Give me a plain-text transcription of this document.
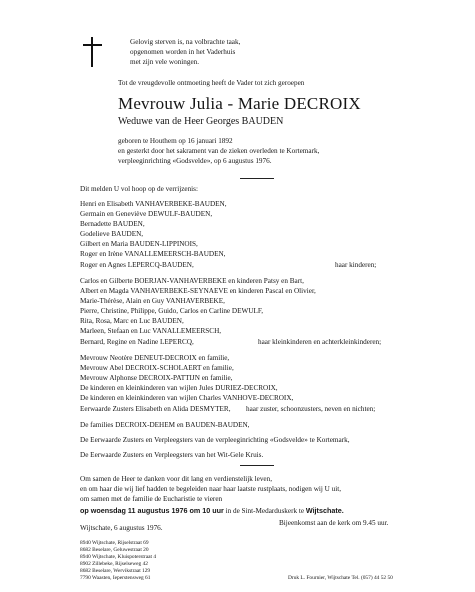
Gelovig sterven is, na volbrachte taak,
opgenomen worden in het Vaderhuis
met zijn vele woningen.
Tot de vreugdevolle ontmoeting heeft de Vader tot zich geroepen
Mevrouw Julia - Marie DECROIX
Weduwe van de Heer Georges BAUDEN
geboren te Houthem op 16 januari 1892
en gesterkt door het sakrament van de zieken overleden te Kortemark,
verpleeginrichting «Godsvelde», op 6 augustus 1976.
Dit melden U vol hoop op de verrijzenis:
Henri en Elisabeth VANHAVERBEKE-BAUDEN,
Germain en Geneviève DEWULF-BAUDEN,
Bernadette BAUDEN,
Godelieve BAUDEN,
Gilbert en Maria BAUDEN-LIPPINOIS,
Roger en Irène VANALLEMEERSCH-BAUDEN,
Roger en Agnes LEPERCQ-BAUDEN,	haar kinderen;
Carlos en Gilberte BOERJAN-VANHAVERBEKE en kinderen Patsy en Bart,
Albert en Magda VANHAVERBEKE-SEYNAEVE en kinderen Pascal en Olivier,
Marie-Thérèse, Alain en Guy VANHAVERBEKE,
Pierre, Christine, Philippe, Guido, Carlos en Carline DEWULF,
Rita, Rosa, Marc en Luc BAUDEN,
Marleen, Stefaan en Luc VANALLEMEERSCH,
Bernard, Regine en Nadine LEPERCQ,	haar kleinkinderen en achterkleinkinderen;
Mevrouw Neotère DENEUT-DECROIX en familie,
Mevrouw Abel DECROIX-SCHOLAERT en familie,
Mevrouw Alphonse DECROIX-PATTIJN en familie,
De kinderen en kleinkinderen van wijlen Jules DURIEZ-DECROIX,
De kinderen en kleinkinderen van wijlen Charles VANHOVE-DECROIX,
Eerwaarde Zusters Elisabeth en Alida DESMYTER, haar zuster, schoonzusters, neven en nichten;
De families DECROIX-DEHEM en BAUDEN-BAUDEN,
De Eerwaarde Zusters en Verpleegsters van de verpleeginrichting «Godsvelde» te Kortemark,
De Eerwaarde Zusters en Verpleegsters van het Wit-Gele Kruis.
Om samen de Heer te danken voor dit lang en verdienstelijk leven,
en om haar die wij lief hadden te begeleiden naar haar laatste rustplaats, nodigen wij U uit,
om samen met de familie de Eucharistie te vieren
op woensdag 11 augustus 1976 om 10 uur in de Sint-Medarduskerk te Wijtschate.
Bijeenkomst aan de kerk om 9.45 uur.
Wijtschate, 6 augustus 1976.
8940 Wijtschate, Rijselstraat 69
8682 Beselare, Geluwestraat 20
8940 Wijtschate, Kluispoterstraat 4
8902 Zillebeke, Rijselseweg 42
8682 Beselare, Wervikstraat 129
7790 Waasten, Ieperstensweg 61	Druk L. Fournier, Wijtschate Tel. (057) 44 52 50
